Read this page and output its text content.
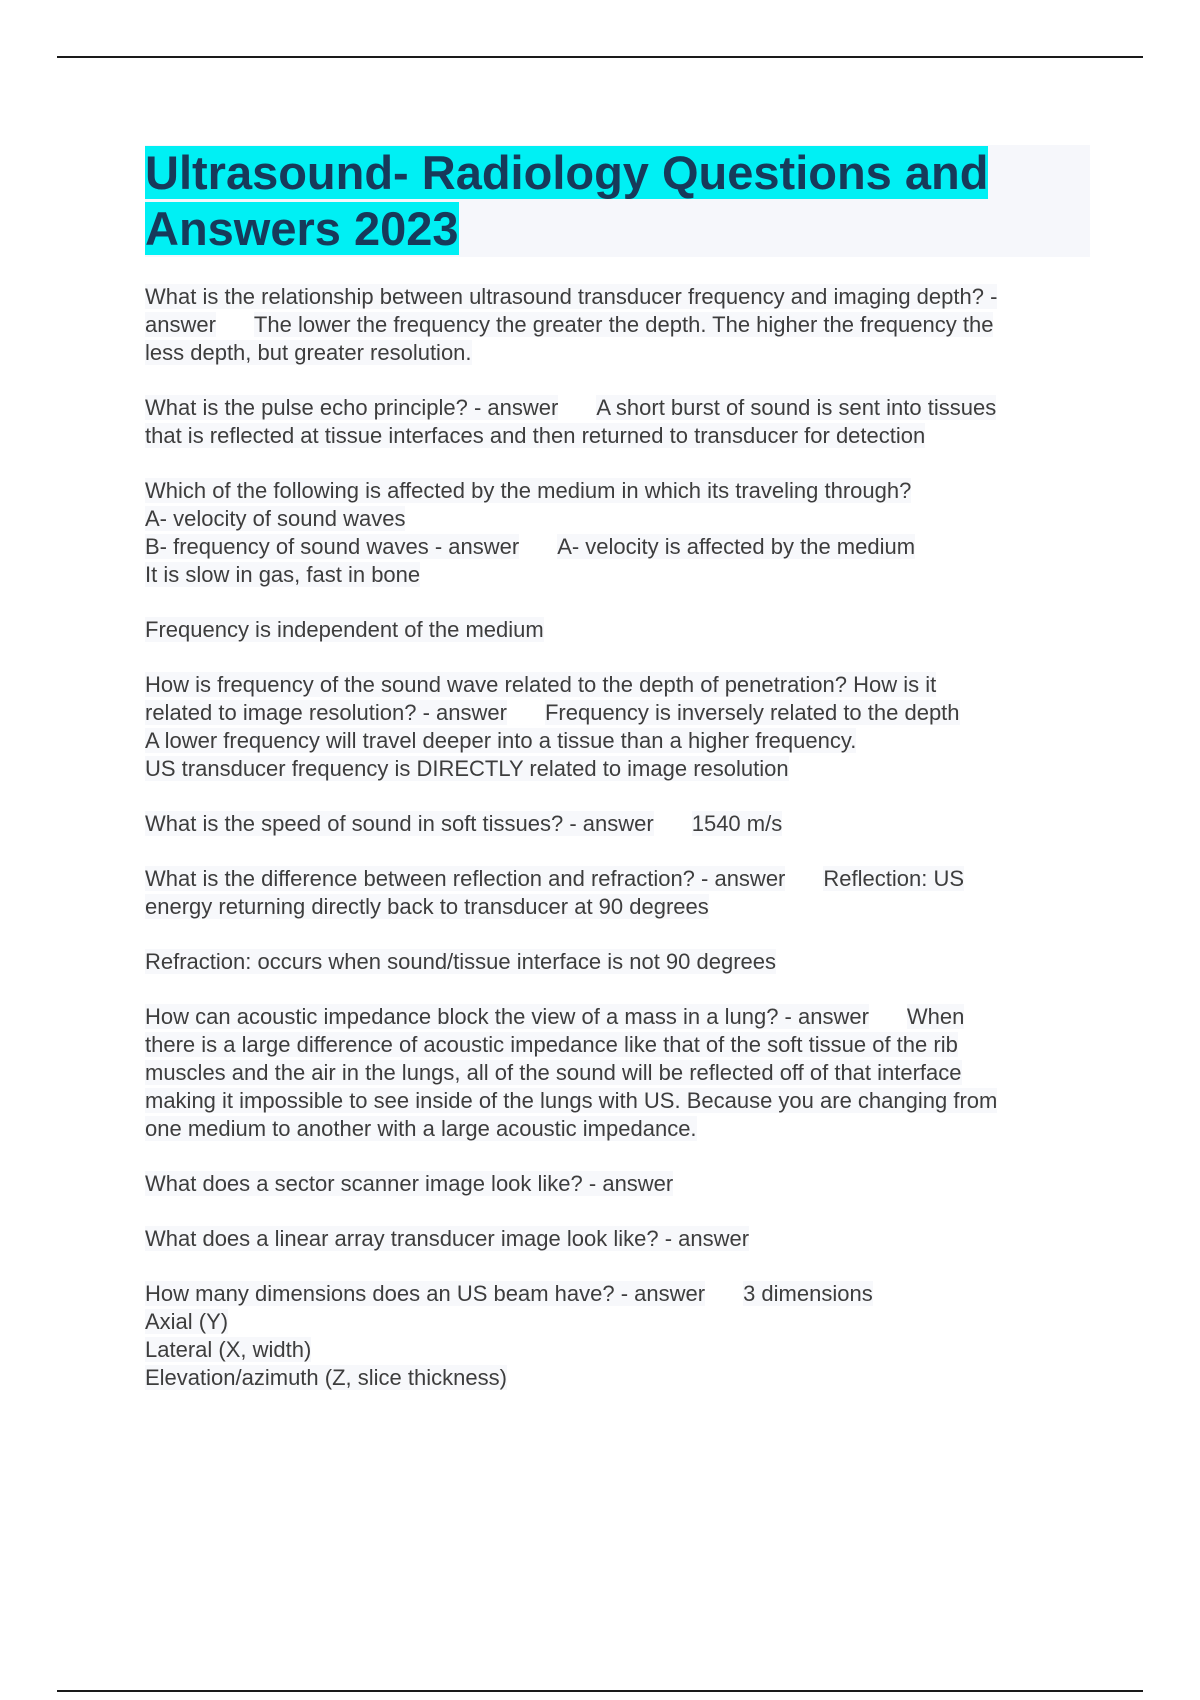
Ultrasound- Radiology Questions and
Answers 2023
What is the relationship between ultrasound transducer frequency and imaging depth? -
answer The lower the frequency the greater the depth. The higher the frequency the
less depth, but greater resolution.
What is the pulse echo principle? - answer A short burst of sound is sent into tissues
that is reflected at tissue interfaces and then returned to transducer for detection
Which of the following is affected by the medium in which its traveling through?
A- velocity of sound waves
B- frequency of sound waves - answer A- velocity is affected by the medium
It is slow in gas, fast in bone
Frequency is independent of the medium
How is frequency of the sound wave related to the depth of penetration? How is it
related to image resolution? - answer Frequency is inversely related to the depth
A lower frequency will travel deeper into a tissue than a higher frequency.
US transducer frequency is DIRECTLY related to image resolution
What is the speed of sound in soft tissues? - answer 1540 m/s
What is the difference between reflection and refraction? - answer Reflection: US
energy returning directly back to transducer at 90 degrees
Refraction: occurs when sound/tissue interface is not 90 degrees
How can acoustic impedance block the view of a mass in a lung? - answer When
there is a large difference of acoustic impedance like that of the soft tissue of the rib
muscles and the air in the lungs, all of the sound will be reflected off of that interface
making it impossible to see inside of the lungs with US. Because you are changing from
one medium to another with a large acoustic impedance.
What does a sector scanner image look like? - answer
What does a linear array transducer image look like? - answer
How many dimensions does an US beam have? - answer 3 dimensions
Axial (Y)
Lateral (X, width)
Elevation/azimuth (Z, slice thickness)
